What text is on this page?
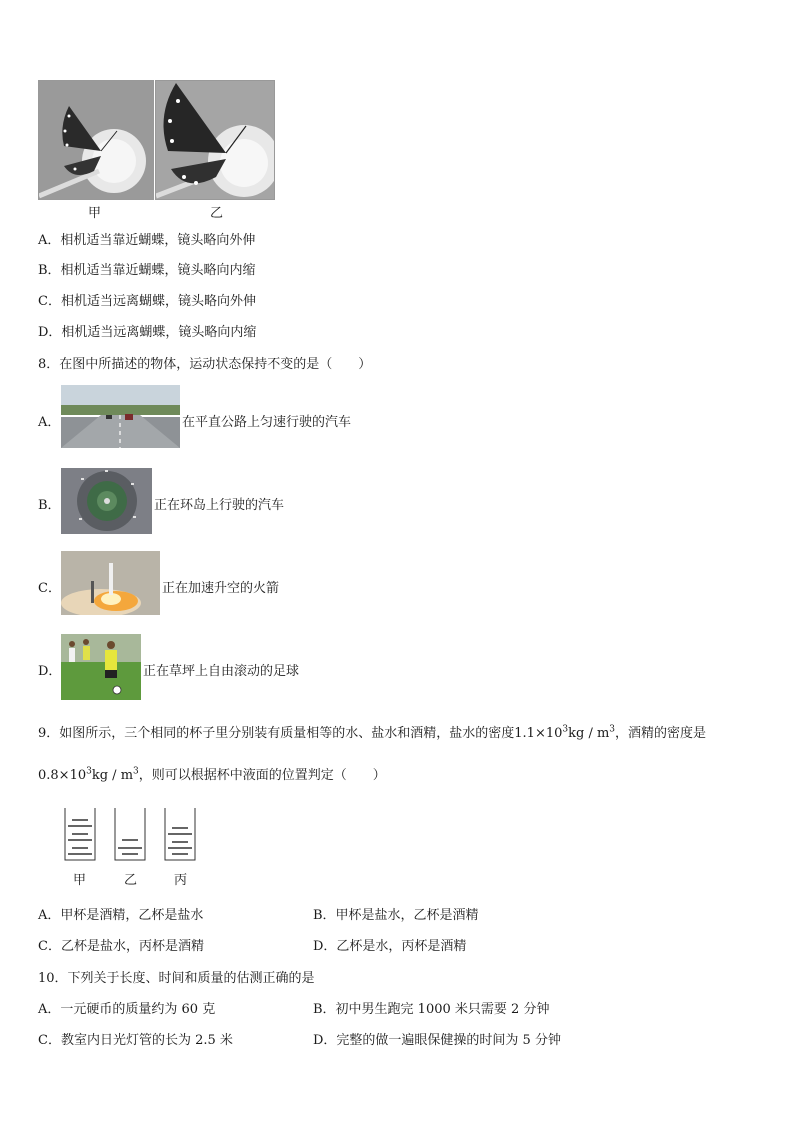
甲	乙
A．相机适当靠近蝴蝶，镜头略向外伸
B．相机适当靠近蝴蝶，镜头略向内缩
C．相机适当远离蝴蝶，镜头略向外伸
D．相机适当远离蝴蝶，镜头略向内缩
8．在图中所描述的物体，运动状态保持不变的是（　　）
A．	在平直公路上匀速行驶的汽车
B．	正在环岛上行驶的汽车
C．	正在加速升空的火箭
D．	正在草坪上自由滚动的足球
9．如图所示，三个相同的杯子里分别装有质量相等的水、盐水和酒精，盐水的密度$1.1\times 10^3kg / m^3$，酒精的密度是
$0.8\times 10^3kg / m^3$，则可以根据杯中液面的位置判定（　　）
甲	乙	丙
A．甲杯是酒精，乙杯是盐水	B．甲杯是盐水，乙杯是酒精
C．乙杯是盐水，丙杯是酒精	D．乙杯是水，丙杯是酒精
10．下列关于长度、时间和质量的估测正确的是
A．一元硬币的质量约为 60 克	B．初中男生跑完 1000 米只需要 2 分钟
C．教室内日光灯管的长为 2.5 米	D．完整的做一遍眼保健操的时间为 5 分钟
